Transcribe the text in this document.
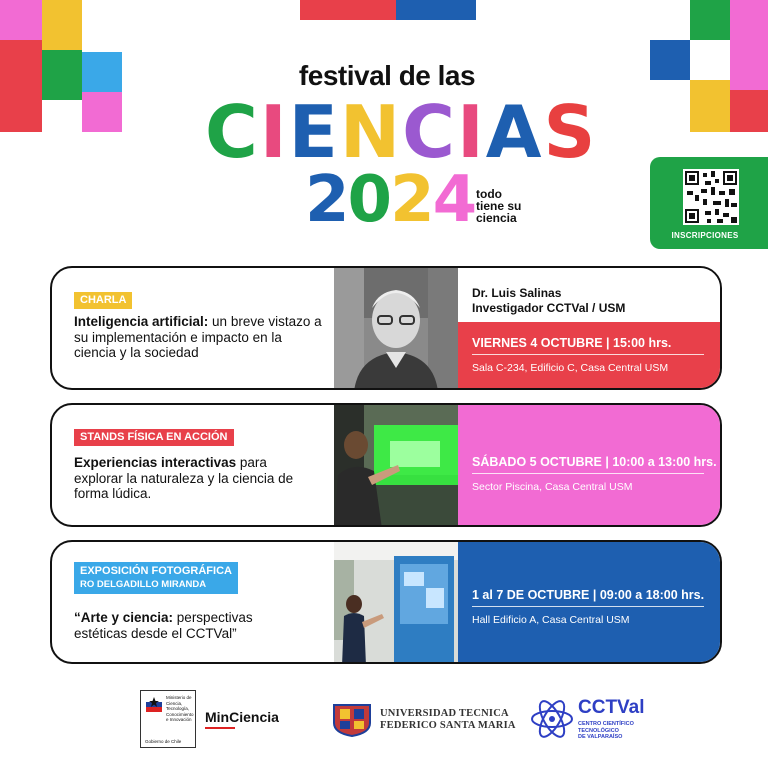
festival de las
CIENCIAS
2024 todo
tiene su
ciencia
INSCRIPCIONES
CHARLA
Inteligencia artificial: un breve vistazo a su implementación e impacto en la ciencia y la sociedad
Dr. Luis Salinas
Investigador CCTVal / USM
VIERNES 4 OCTUBRE | 15:00 hrs.
Sala C-234, Edificio C, Casa Central USM
STANDS FÍSICA EN ACCIÓN
Experiencias interactivas para explorar la naturaleza y la ciencia de forma lúdica.
SÁBADO 5 OCTUBRE | 10:00 a 13:00 hrs.
Sector Piscina, Casa Central USM
EXPOSICIÓN FOTOGRÁFICA
RO DELGADILLO MIRANDA
“Arte y ciencia: perspectivas estéticas desde el CCTVal”
1 al 7 DE OCTUBRE | 09:00 a 18:00 hrs.
Hall Edificio A, Casa Central USM
Ministerio de Ciencia, Tecnología, Conocimiento e Innovación
Gobierno de Chile
MinCiencia	UNIVERSIDAD TECNICA
FEDERICO SANTA MARIA
CCTVal
CENTRO CIENTÍFICO
TECNOLÓGICO
DE VALPARAÍSO
